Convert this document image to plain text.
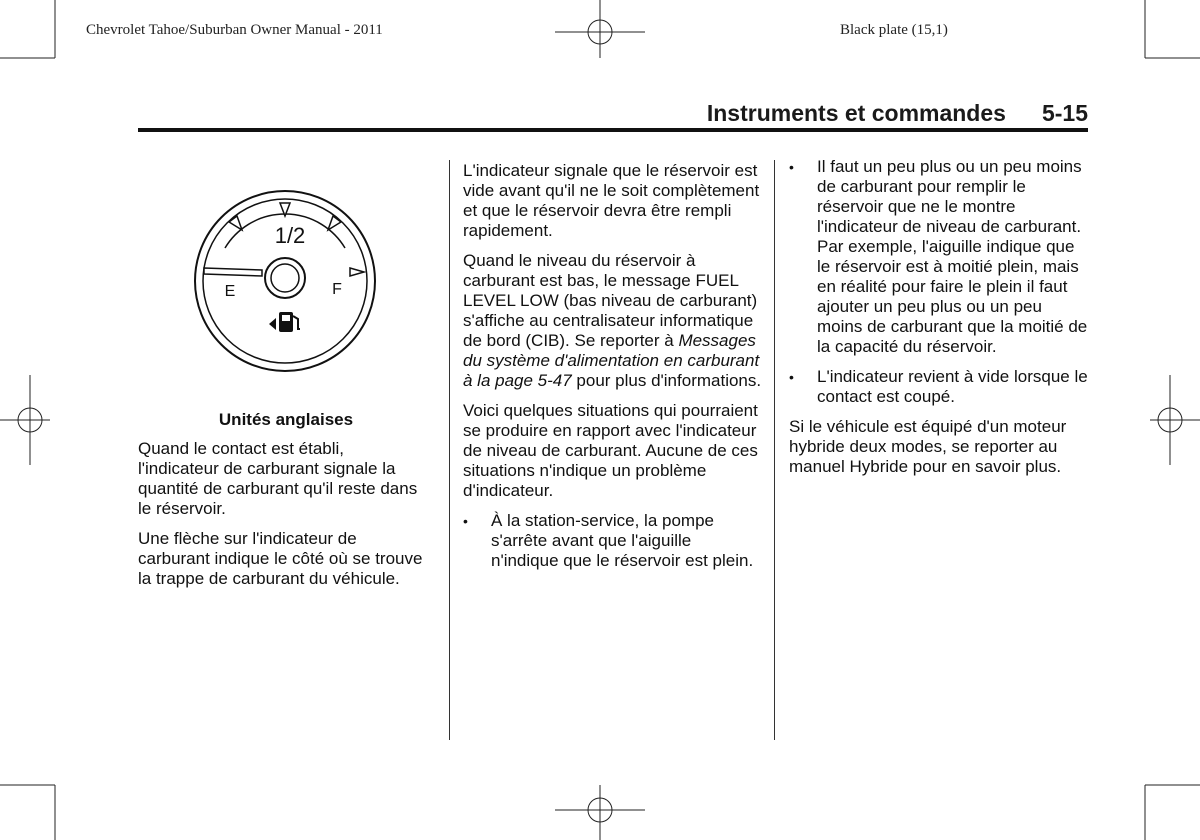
Chevrolet Tahoe/Suburban Owner Manual - 2011	Black plate (15,1)
Instruments et commandes 5-15
1/2
E	F
Unités anglaises

Quand le contact est établi, l'indicateur de carburant signale la quantité de carburant qu'il reste dans le réservoir.

Une flèche sur l'indicateur de carburant indique le côté où se trouve la trappe de carburant du véhicule.

L'indicateur signale que le réservoir est vide avant qu'il ne le soit complètement et que le réservoir devra être rempli rapidement.

Quand le niveau du réservoir à carburant est bas, le message FUEL LEVEL LOW (bas niveau de carburant) s'affiche au centralisateur informatique de bord (CIB). Se reporter à Messages du système d'alimentation en carburant à la page 5-47 pour plus d'informations.

Voici quelques situations qui pourraient se produire en rapport avec l'indicateur de niveau de carburant. Aucune de ces situations n'indique un problème d'indicateur.

• À la station-service, la pompe s'arrête avant que l'aiguille n'indique que le réservoir est plein.

• Il faut un peu plus ou un peu moins de carburant pour remplir le réservoir que ne le montre l'indicateur de niveau de carburant. Par exemple, l'aiguille indique que le réservoir est à moitié plein, mais en réalité pour faire le plein il faut ajouter un peu plus ou un peu moins de carburant que la moitié de la capacité du réservoir.

• L'indicateur revient à vide lorsque le contact est coupé.

Si le véhicule est équipé d'un moteur hybride deux modes, se reporter au manuel Hybride pour en savoir plus.
